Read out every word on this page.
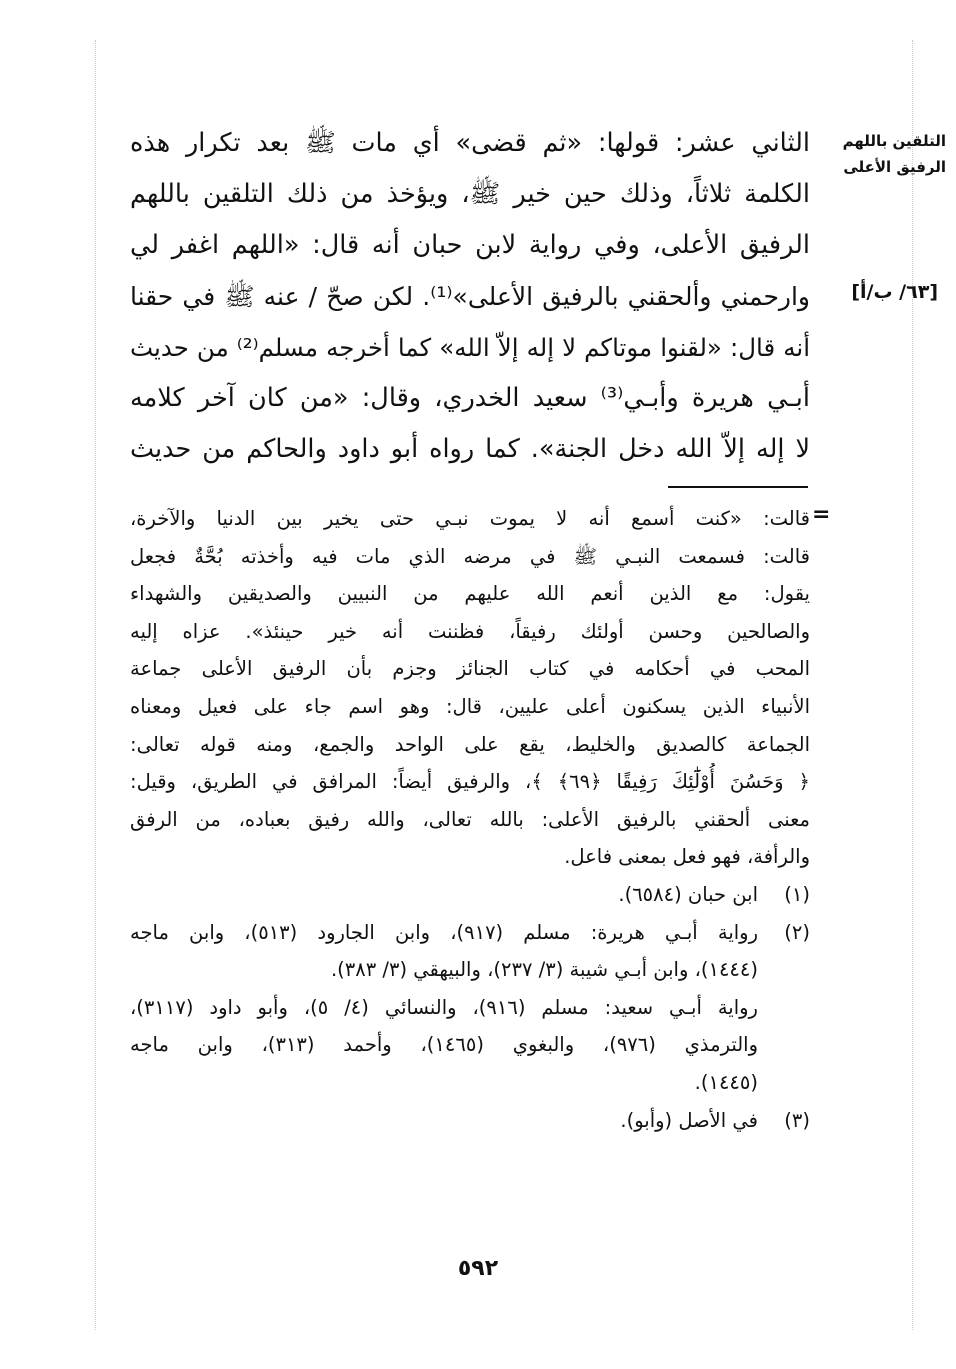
التلقين باللهم
الرفيق الأعلى
[٦٣/ ب/أ]
الثاني عشر: قولها: «ثم قضى» أي مات ﷺ بعد تكرار هذه
الكلمة ثلاثاً، وذلك حين خير ﷺ، ويؤخذ من ذلك التلقين باللهم
الرفيق الأعلى، وفي رواية لابن حبان أنه قال: «اللهم اغفر لي
وارحمني وألحقني بالرفيق الأعلى»⁽¹⁾. لكن صحّ / عنه ﷺ في حقنا
أنه قال: «لقنوا موتاكم لا إله إلاّ الله» كما أخرجه مسلم⁽²⁾ من حديث
أبـي هريرة وأبـي⁽³⁾ سعيد الخدري، وقال: «من كان آخر كلامه
لا إله إلاّ الله دخل الجنة». كما رواه أبو داود والحاكم من حديث
=
قالت: «كنت أسمع أنه لا يموت نبـي حتى يخير بين الدنيا والآخرة،
قالت: فسمعت النبـي ﷺ في مرضه الذي مات فيه وأخذته بُحَّةٌ فجعل
يقول: مع الذين أنعم الله عليهم من النبيين والصديقين والشهداء
والصالحين وحسن أولئك رفيقاً، فظننت أنه خير حينئذ». عزاه إليه
المحب في أحكامه في كتاب الجنائز وجزم بأن الرفيق الأعلى جماعة
الأنبياء الذين يسكنون أعلى عليين، قال: وهو اسم جاء على فعيل ومعناه
الجماعة كالصديق والخليط، يقع على الواحد والجمع، ومنه قوله تعالى:
﴿ وَحَسُنَ أُوْلَٰٓئِكَ رَفِيقًا ﴿٦٩﴾ ﴾، والرفيق أيضاً: المرافق في الطريق، وقيل:
معنى ألحقني بالرفيق الأعلى: بالله تعالى، والله رفيق بعباده، من الرفق
والرأفة، فهو فعل بمعنى فاعل.
(١)
ابن حبان (٦٥٨٤).
(٢)
رواية أبـي هريرة: مسلم (٩١٧)، وابن الجارود (٥١٣)، وابن ماجه
(١٤٤٤)، وابن أبـي شيبة (٣/ ٢٣٧)، والبيهقي (٣/ ٣٨٣).
رواية أبـي سعيد: مسلم (٩١٦)، والنسائي (٤/ ٥)، وأبو داود (٣١١٧)،
والترمذي (٩٧٦)، والبغوي (١٤٦٥)، وأحمد (٣١٣)، وابن ماجه
(١٤٤٥).
(٣)
في الأصل (وأبو).
٥٩٢
